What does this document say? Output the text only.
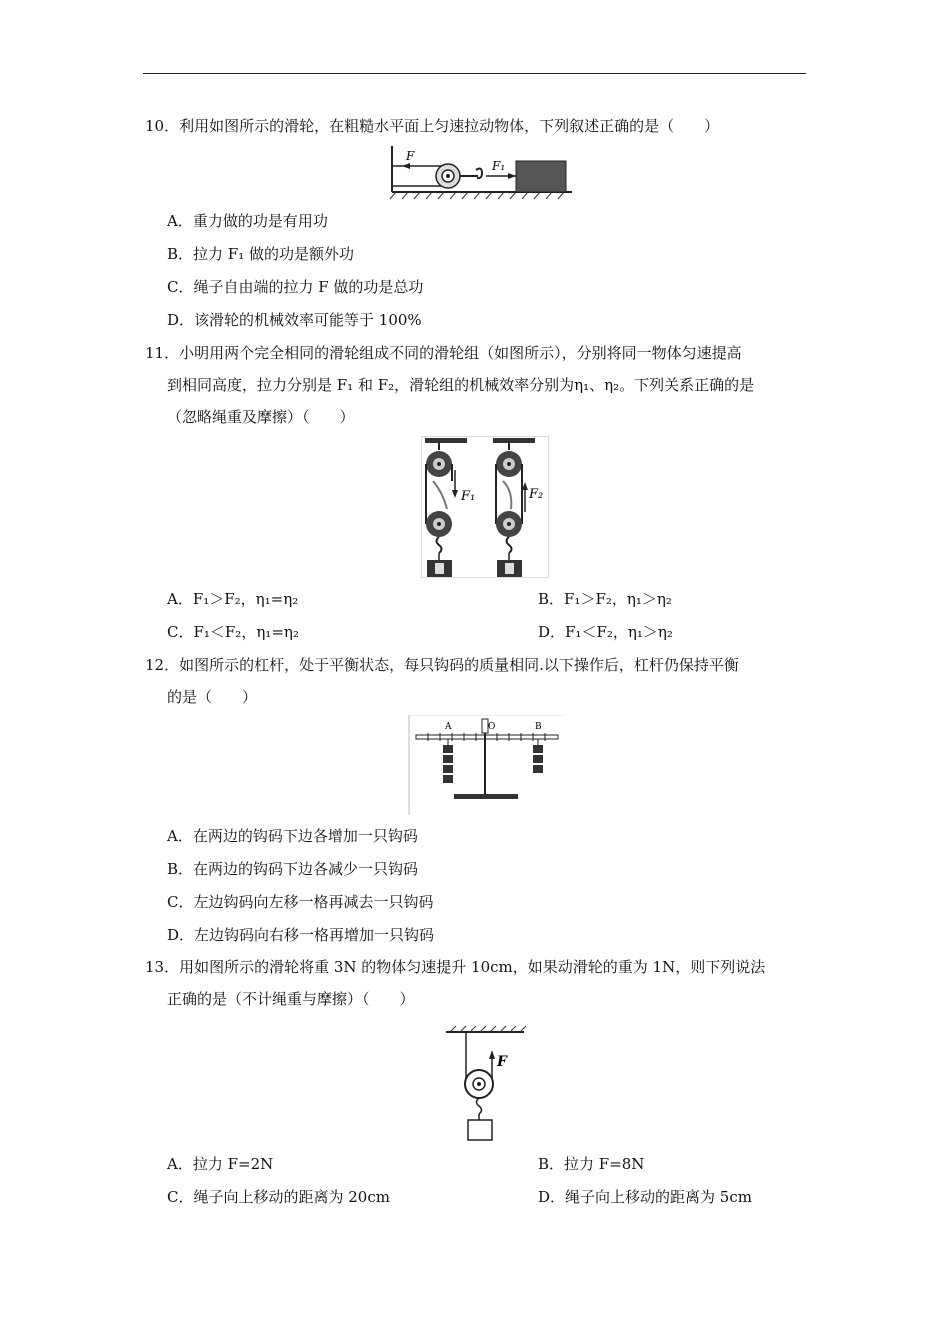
10．利用如图所示的滑轮，在粗糙水平面上匀速拉动物体，下列叙述正确的是（　　）
F
F₁
A．重力做的功是有用功
B．拉力 F₁ 做的功是额外功
C．绳子自由端的拉力 F 做的功是总功
D．该滑轮的机械效率可能等于 100%
11．小明用两个完全相同的滑轮组成不同的滑轮组（如图所示），分别将同一物体匀速提高
到相同高度，拉力分别是 F₁ 和 F₂，滑轮组的机械效率分别为η₁、η₂。下列关系正确的是
（忽略绳重及摩擦）（　　）
F₁	F₂
A．F₁＞F₂，η₁=η₂	B．F₁＞F₂，η₁＞η₂
C．F₁＜F₂，η₁=η₂	D．F₁＜F₂，η₁＞η₂
12．如图所示的杠杆，处于平衡状态，每只钩码的质量相同.以下操作后，杠杆仍保持平衡
的是（　　）
O
A	B
A．在两边的钩码下边各增加一只钩码
B．在两边的钩码下边各减少一只钩码
C．左边钩码向左移一格再减去一只钩码
D．左边钩码向右移一格再增加一只钩码
13．用如图所示的滑轮将重 3N 的物体匀速提升 10cm，如果动滑轮的重为 1N，则下列说法
正确的是（不计绳重与摩擦）（　　）
F
A．拉力 F=2N	B．拉力 F=8N
C．绳子向上移动的距离为 20cm	D．绳子向上移动的距离为 5cm
